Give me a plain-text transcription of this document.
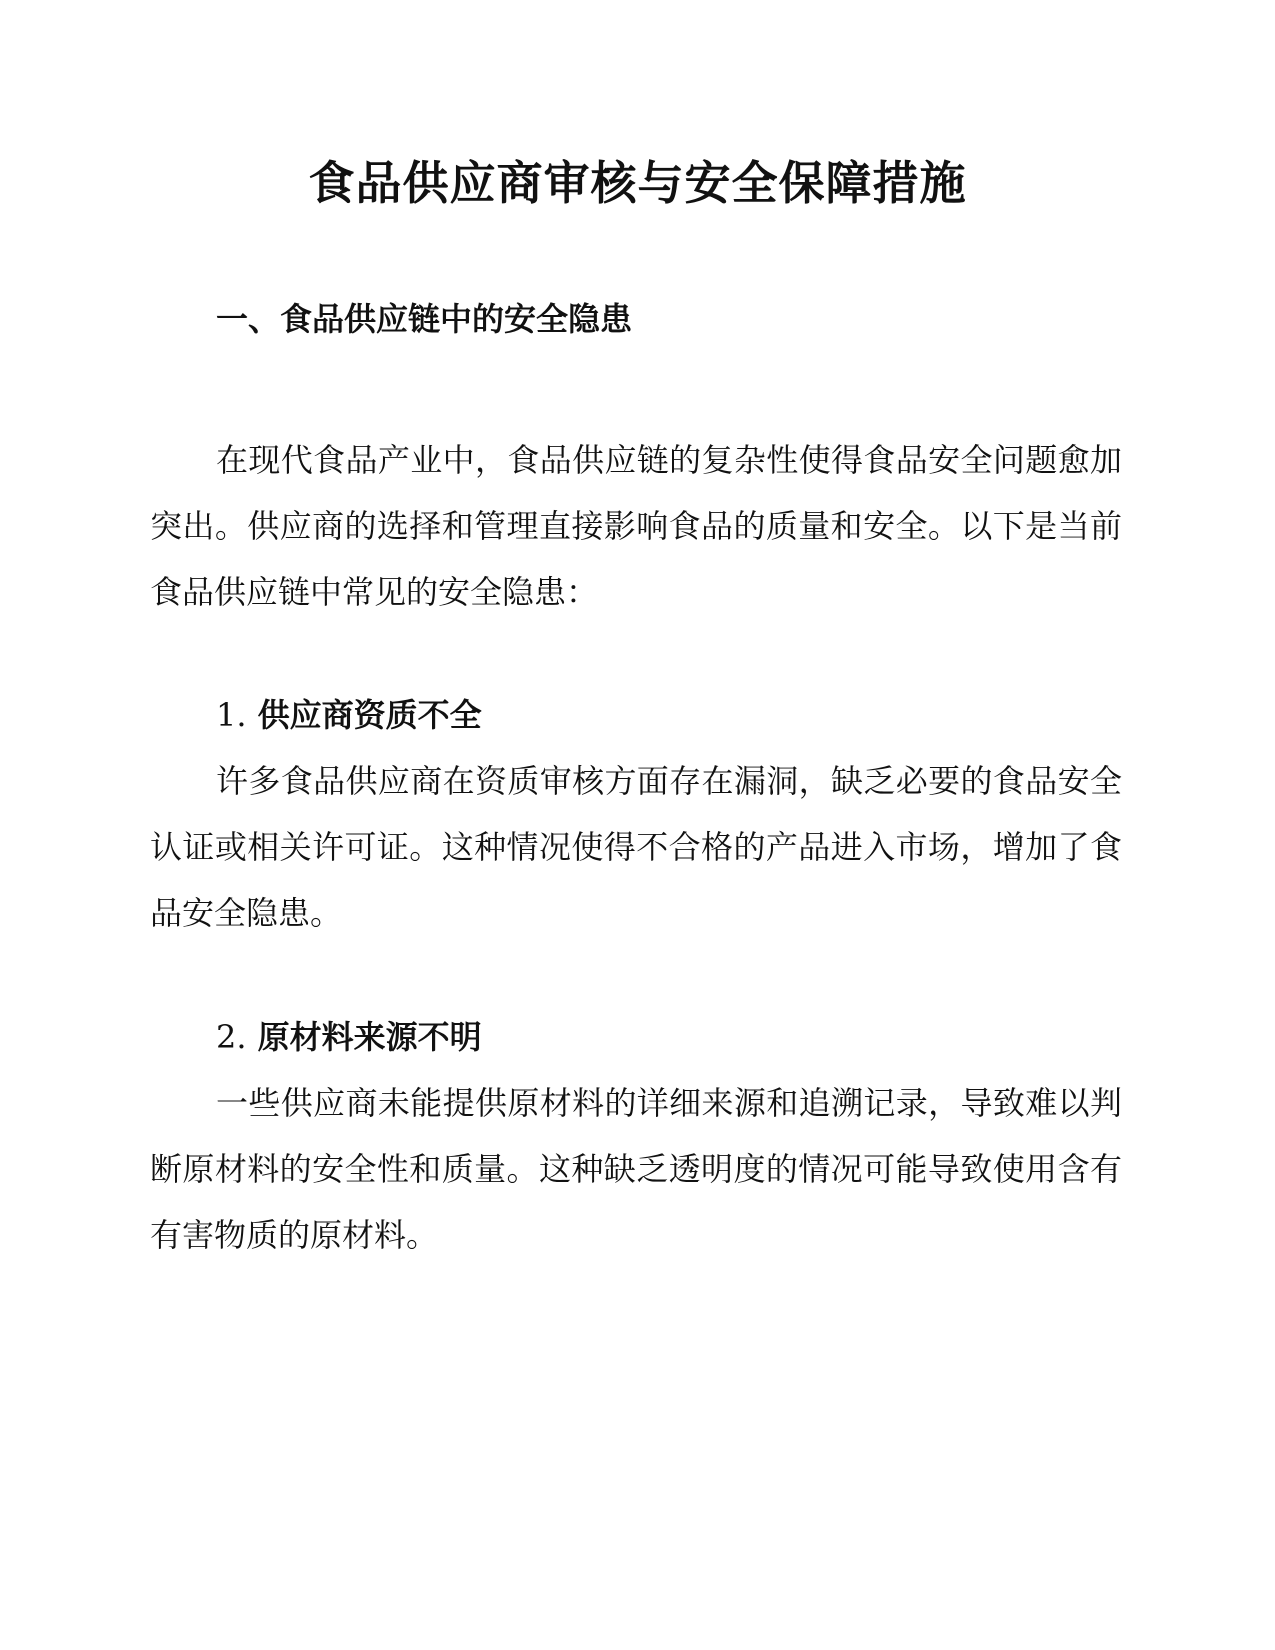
食品供应商审核与安全保障措施
一、食品供应链中的安全隐患

在现代食品产业中，食品供应链的复杂性使得食品安全问题愈加突出。供应商的选择和管理直接影响食品的质量和安全。以下是当前食品供应链中常见的安全隐患：

1. 供应商资质不全

许多食品供应商在资质审核方面存在漏洞，缺乏必要的食品安全认证或相关许可证。这种情况使得不合格的产品进入市场，增加了食品安全隐患。

2. 原材料来源不明

一些供应商未能提供原材料的详细来源和追溯记录，导致难以判断原材料的安全性和质量。这种缺乏透明度的情况可能导致使用含有有害物质的原材料。
